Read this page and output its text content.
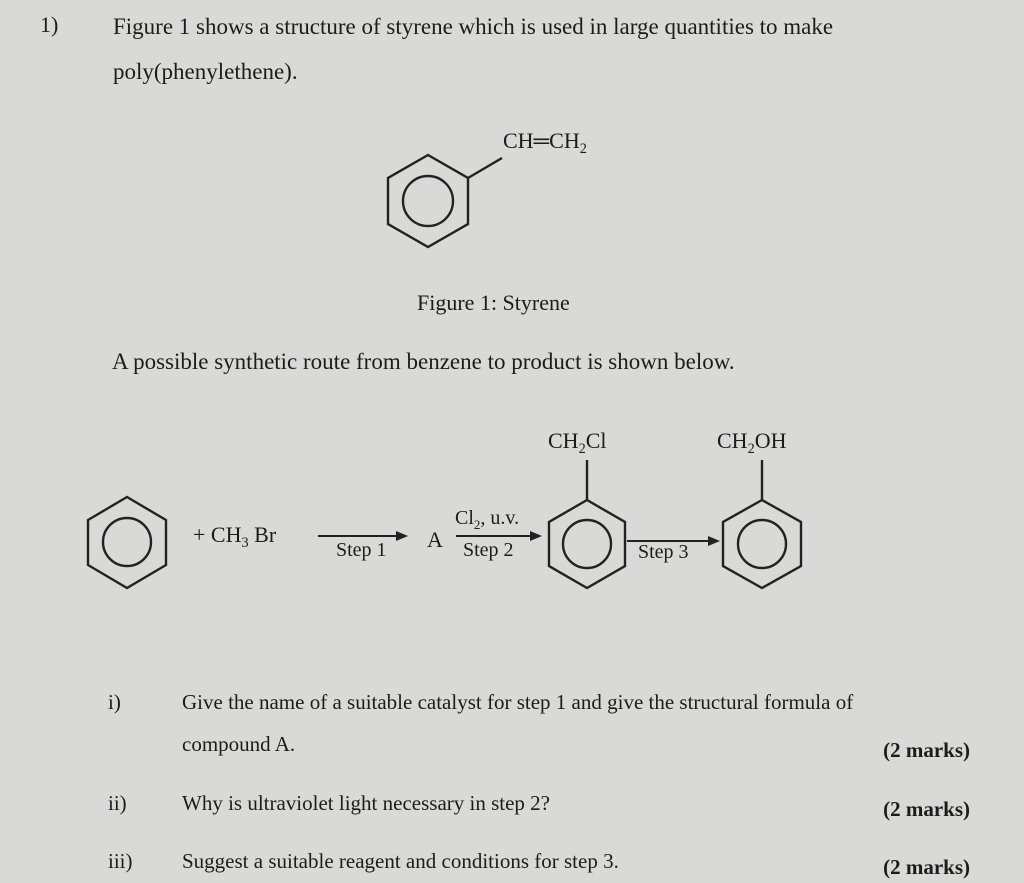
1) Figure 1 shows a structure of styrene which is used in large quantities to make
poly(phenylethene).
$CH═CH_2$
Figure 1: Styrene
A possible synthetic route from benzene to product is shown below.
+ $CH_3$ Br
Step 1 A
$Cl_2$, u.v.
Step 2
$CH_2Cl$
Step 3
$CH_2OH$
i)	Give the name of a suitable catalyst for step 1 and give the structural formula of
compound A.	(2 marks)
ii)	Why is ultraviolet light necessary in step 2?	(2 marks)
iii) Suggest a suitable reagent and conditions for step 3.	(2 marks)
